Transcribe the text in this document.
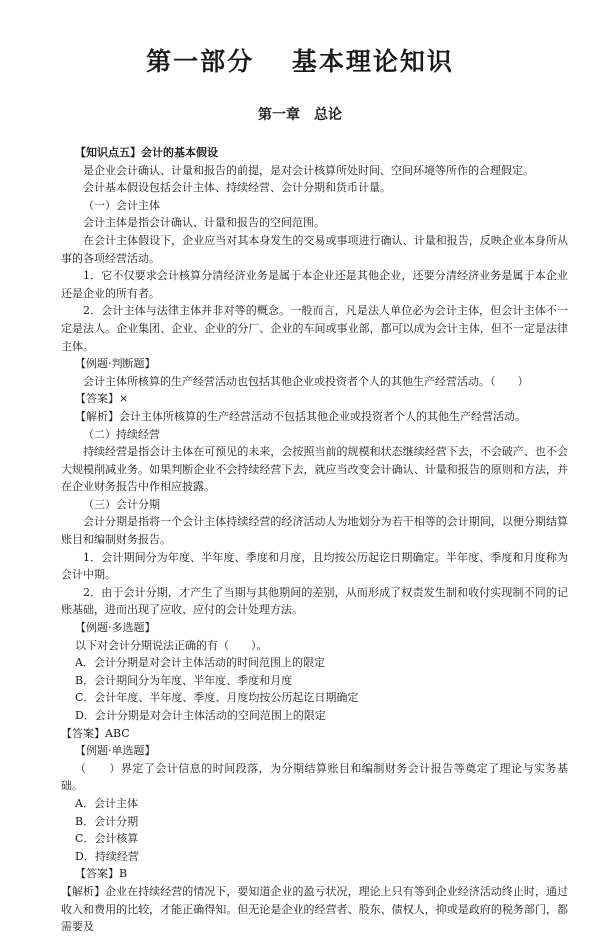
第一部分　 基本理论知识
第一章　总论

【知识点五】会计的基本假设

是企业会计确认、计量和报告的前提，是对会计核算所处时间、空间环境等所作的合理假定。

会计基本假设包括会计主体、持续经营、会计分期和货币计量。

（一）会计主体

会计主体是指会计确认、计量和报告的空间范围。

在会计主体假设下，企业应当对其本身发生的交易或事项进行确认、计量和报告，反映企业本身所从事的各项经营活动。

1．它不仅要求会计核算分清经济业务是属于本企业还是其他企业，还要分清经济业务是属于本企业还是企业的所有者。

2．会计主体与法律主体并非对等的概念。一般而言，凡是法人单位必为会计主体，但会计主体不一定是法人。企业集团、企业、企业的分厂、企业的车间或事业部，都可以成为会计主体，但不一定是法律主体。

【例题·判断题】

会计主体所核算的生产经营活动也包括其他企业或投资者个人的其他生产经营活动。（　　）

【答案】×

【解析】会计主体所核算的生产经营活动不包括其他企业或投资者个人的其他生产经营活动。

（二）持续经营

持续经营是指会计主体在可预见的未来，会按照当前的规模和状态继续经营下去，不会破产、也不会大规模削减业务。如果判断企业不会持续经营下去，就应当改变会计确认、计量和报告的原则和方法，并在企业财务报告中作相应披露。

（三）会计分期

会计分期是指将一个会计主体持续经营的经济活动人为地划分为若干相等的会计期间，以便分期结算账目和编制财务报告。

1．会计期间分为年度、半年度、季度和月度，且均按公历起讫日期确定。半年度、季度和月度称为会计中期。

2．由于会计分期，才产生了当期与其他期间的差别，从而形成了权责发生制和收付实现制不同的记账基础，进而出现了应收、应付的会计处理方法。

【例题·多选题】

以下对会计分期说法正确的有（　　）。

A．会计分期是对会计主体活动的时间范围上的限定

B．会计期间分为年度、半年度、季度和月度

C．会计年度、半年度、季度、月度均按公历起讫日期确定

D．会计分期是对会计主体活动的空间范围上的限定

【答案】ABC

【例题·单选题】

（　　）界定了会计信息的时间段落，为分期结算账目和编制财务会计报告等奠定了理论与实务基础。

A．会计主体

B．会计分期

C．会计核算

D．持续经营

【答案】B

【解析】企业在持续经营的情况下，要知道企业的盈亏状况，理论上只有等到企业经济活动终止时，通过收入和费用的比较，才能正确得知。但无论是企业的经营者、股东、债权人，抑或是政府的税务部门，都需要及
